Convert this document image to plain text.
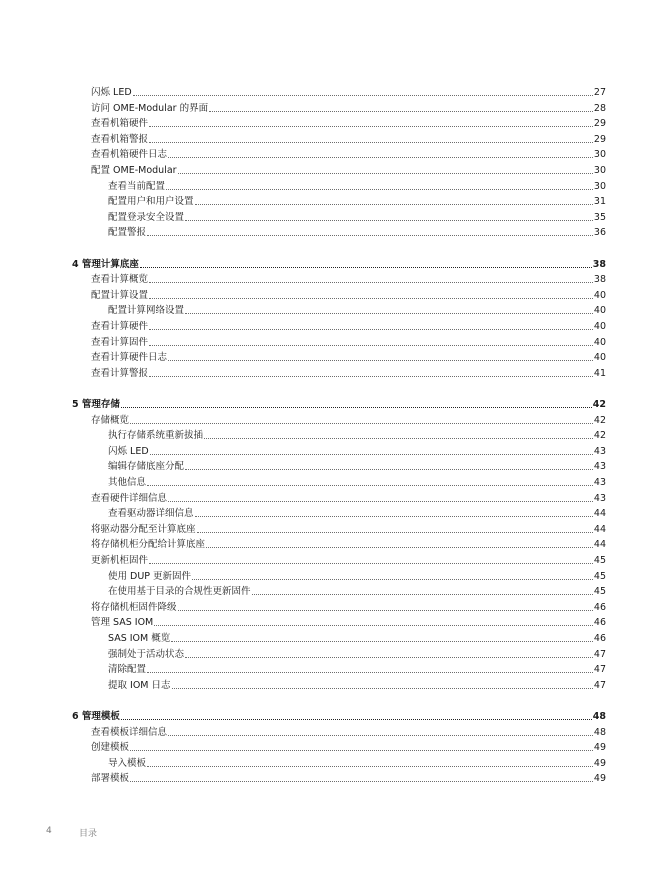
闪烁 LED	27
访问 OME-Modular 的界面	28
查看机箱硬件	29
查看机箱警报	29
查看机箱硬件日志	30
配置 OME-Modular	30
查看当前配置	30
配置用户和用户设置	31
配置登录安全设置	35
配置警报	36
4 管理计算底座	38
查看计算概览	38
配置计算设置	40
配置计算网络设置	40
查看计算硬件	40
查看计算固件	40
查看计算硬件日志	40
查看计算警报	41
5 管理存储	42
存储概览	42
执行存储系统重新拔插	42
闪烁 LED	43
编辑存储底座分配	43
其他信息	43
查看硬件详细信息	43
查看驱动器详细信息	44
将驱动器分配至计算底座	44
将存储机柜分配给计算底座	44
更新机柜固件	45
使用 DUP 更新固件	45
在使用基于目录的合规性更新固件	45
将存储机柜固件降级	46
管理 SAS IOM	46
SAS IOM 概览	46
强制处于活动状态	47
清除配置	47
提取 IOM 日志	47
6 管理模板	48
查看模板详细信息	48
创建模板	49
导入模板	49
部署模板	49
4	目录
